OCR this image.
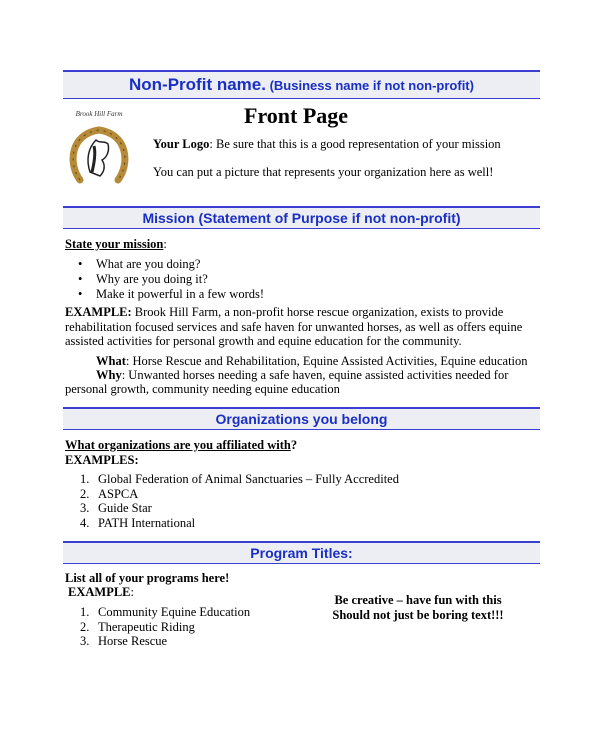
Non-Profit name. (Business name if not non-profit)
Front Page
Brook Hill Farm
Your Logo: Be sure that this is a good representation of your mission
You can put a picture that represents your organization here as well!
Mission (Statement of Purpose if not non-profit)
State your mission:
• What are you doing?
• Why are you doing it?
• Make it powerful in a few words!
EXAMPLE: Brook Hill Farm, a non-profit horse rescue organization, exists to provide
rehabilitation focused services and safe haven for unwanted horses, as well as offers equine
assisted activities for personal growth and equine education for the community.
What: Horse Rescue and Rehabilitation, Equine Assisted Activities, Equine education
Why: Unwanted horses needing a safe haven, equine assisted activities needed for
personal growth, community needing equine education
Organizations you belong
What organizations are you affiliated with?
EXAMPLES:
1. Global Federation of Animal Sanctuaries – Fully Accredited
2. ASPCA
3. Guide Star
4. PATH International
Program Titles:
List all of your programs here!
EXAMPLE:
1. Community Equine Education
2. Therapeutic Riding
3. Horse Rescue
Be creative – have fun with this
Should not just be boring text!!!
